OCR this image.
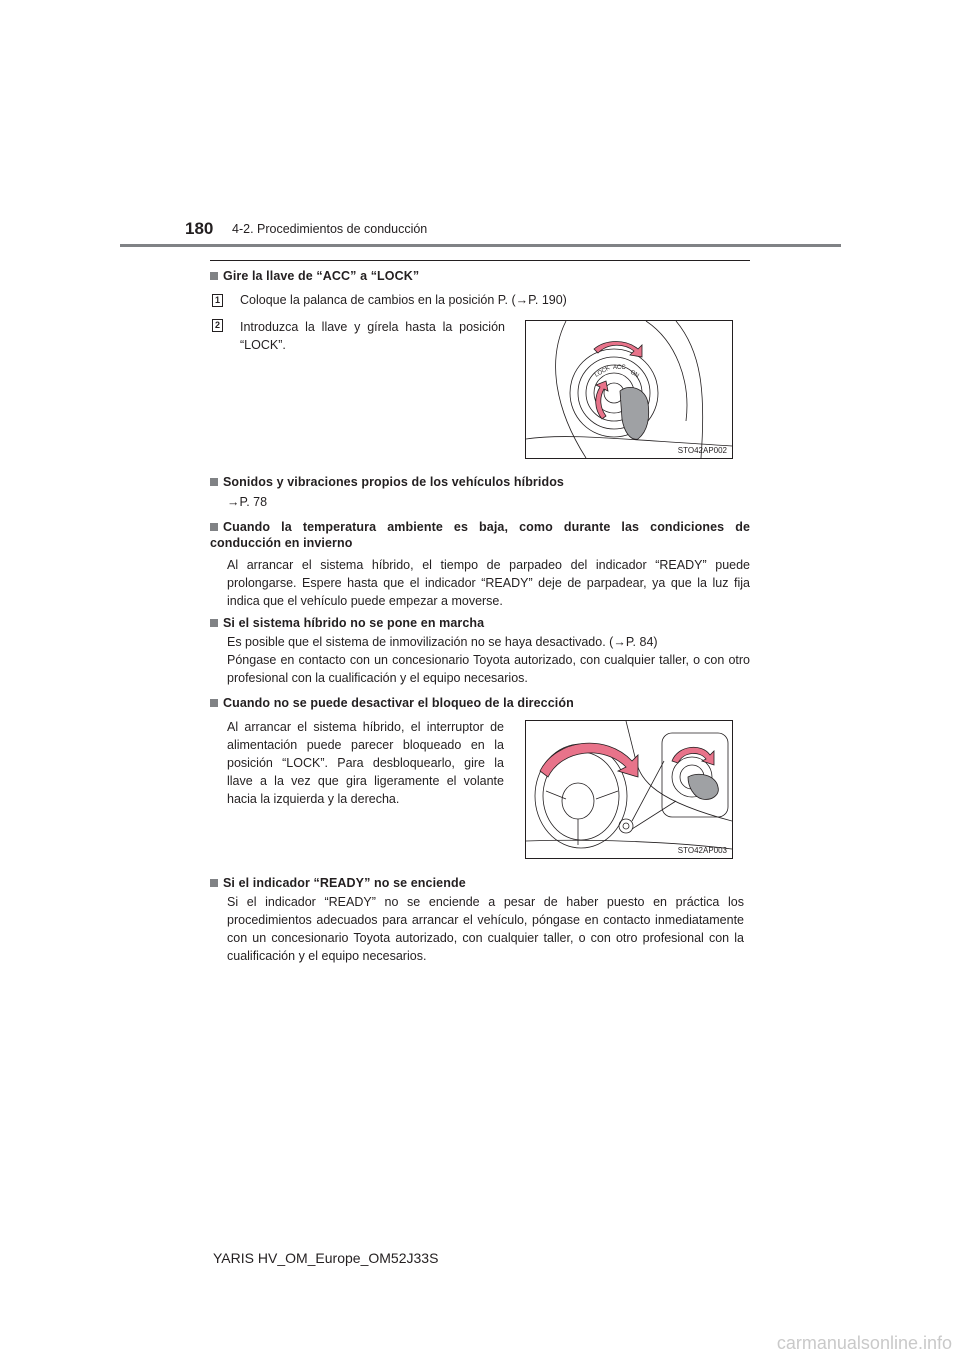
180 4-2. Procedimientos de conducción
Gire la llave de “ACC” a “LOCK”
1 Coloque la palanca de cambios en la posición P. (→P. 190)
2 Introduzca la llave y gírela hasta la posición “LOCK”.
LOCK ACC
ON
STO42AP002
Sonidos y vibraciones propios de los vehículos híbridos
→P. 78
Cuando la temperatura ambiente es baja, como durante las condiciones de conducción en invierno
Al arrancar el sistema híbrido, el tiempo de parpadeo del indicador “READY” puede prolongarse. Espere hasta que el indicador “READY” deje de parpadear, ya que la luz fija indica que el vehículo puede empezar a moverse.
Si el sistema híbrido no se pone en marcha
Es posible que el sistema de inmovilización no se haya desactivado. (→P. 84)
Póngase en contacto con un concesionario Toyota autorizado, con cualquier taller, o con otro profesional con la cualificación y el equipo necesarios.
Cuando no se puede desactivar el bloqueo de la dirección
Al arrancar el sistema híbrido, el interruptor de alimentación puede parecer bloqueado en la posición “LOCK”. Para desbloquearlo, gire la llave a la vez que gira ligeramente el volante hacia la izquierda y la derecha.
STO42AP003
Si el indicador “READY” no se enciende
Si el indicador “READY” no se enciende a pesar de haber puesto en práctica los procedimientos adecuados para arrancar el vehículo, póngase en contacto inmediatamente con un concesionario Toyota autorizado, con cualquier taller, o con otro profesional con la cualificación y el equipo necesarios.
YARIS HV_OM_Europe_OM52J33S
carmanualsonline.info
